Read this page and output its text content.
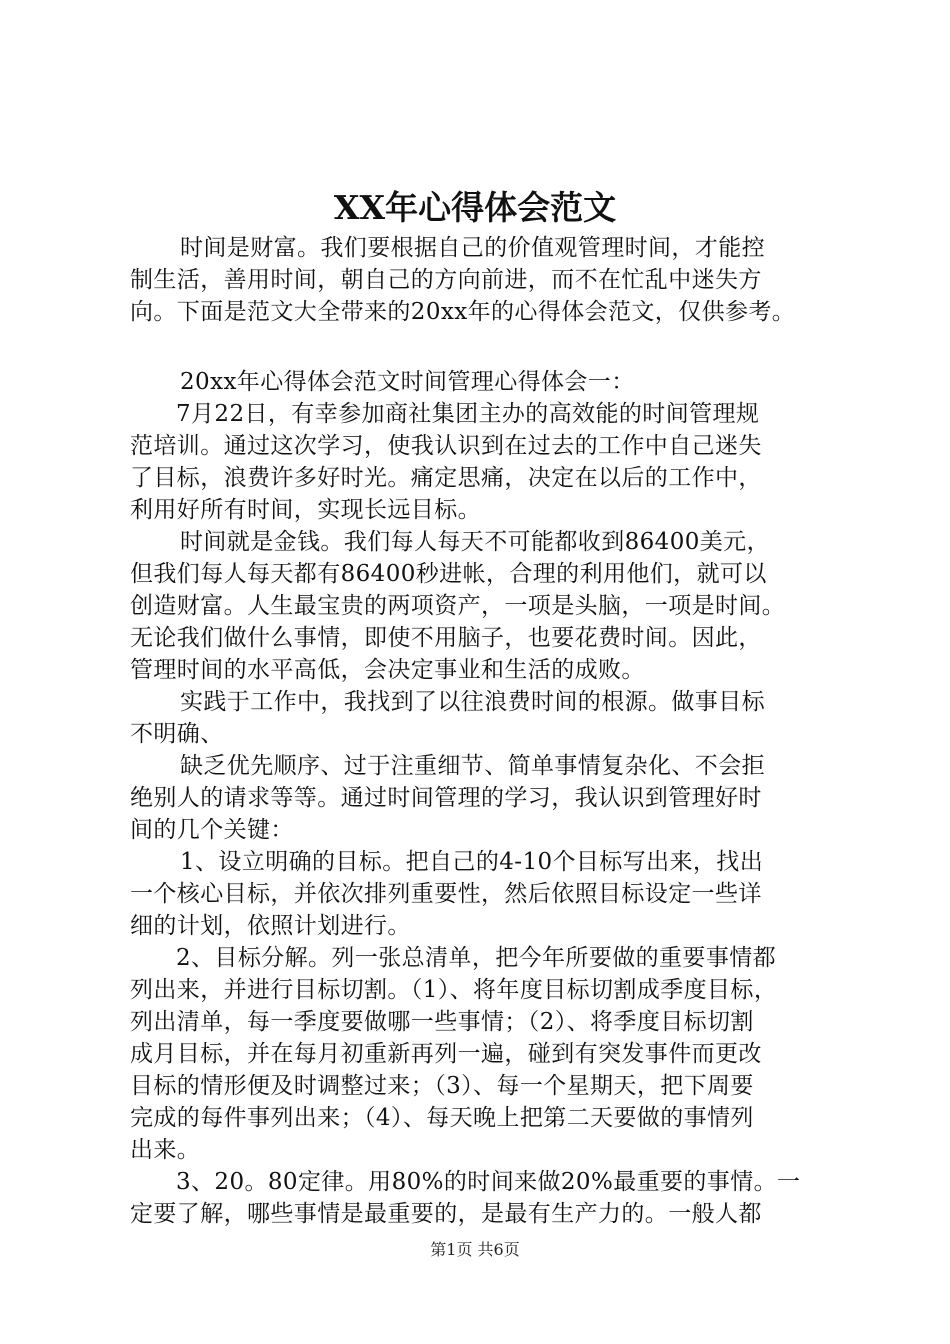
XX年心得体会范文
时间是财富。我们要根据自己的价值观管理时间，才能控
制生活，善用时间，朝自己的方向前进，而不在忙乱中迷失方
向。下面是范文大全带来的20xx年的心得体会范文，仅供参考。
20xx年心得体会范文时间管理心得体会一：
7月22日，有幸参加商社集团主办的高效能的时间管理规
范培训。通过这次学习，使我认识到在过去的工作中自己迷失
了目标，浪费许多好时光。痛定思痛，决定在以后的工作中，
利用好所有时间，实现长远目标。
时间就是金钱。我们每人每天不可能都收到86400美元，
但我们每人每天都有86400秒进帐，合理的利用他们，就可以
创造财富。人生最宝贵的两项资产，一项是头脑，一项是时间。
无论我们做什么事情，即使不用脑子，也要花费时间。因此，
管理时间的水平高低，会决定事业和生活的成败。
实践于工作中，我找到了以往浪费时间的根源。做事目标
不明确、
缺乏优先顺序、过于注重细节、简单事情复杂化、不会拒
绝别人的请求等等。通过时间管理的学习，我认识到管理好时
间的几个关键：
1、设立明确的目标。把自己的4-10个目标写出来，找出
一个核心目标，并依次排列重要性，然后依照目标设定一些详
细的计划，依照计划进行。
2、目标分解。列一张总清单，把今年所要做的重要事情都
列出来，并进行目标切割。（1）、将年度目标切割成季度目标，
列出清单，每一季度要做哪一些事情；（2）、将季度目标切割
成月目标，并在每月初重新再列一遍，碰到有突发事件而更改
目标的情形便及时调整过来；（3）、每一个星期天，把下周要
完成的每件事列出来；（4）、每天晚上把第二天要做的事情列
出来。
3、20。80定律。用80%的时间来做20%最重要的事情。一
定要了解，哪些事情是最重要的，是最有生产力的。一般人都
第1页 共6页
